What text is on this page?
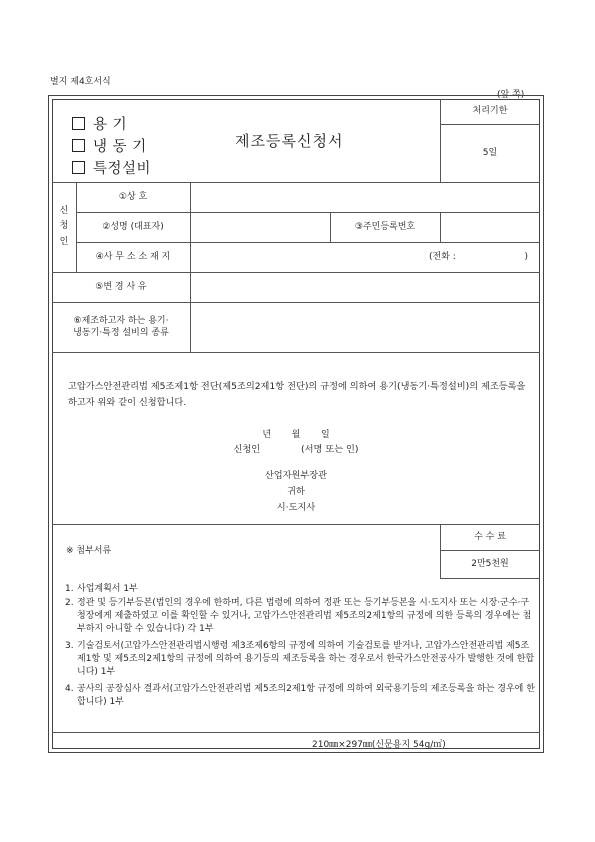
별지 제4호서식
(앞 쪽)
용 기
냉 동 기
특정설비
제조등록신청서
처리기한
5일
신
청
인
①상 호
②성명 (대표자)	③주민등록번호
④사 무 소 소 재 지	(전화 :                        )
⑤변 경 사 유
⑥제조하고자 하는 용기·
냉동기·특정 설비의 종류
고압가스안전관리법 제5조제1항 전단(제5조의2제1항 전단)의 규정에 의하여 용기(냉동기·특정설비)의 제조등록을 하고자 위와 같이 신청합니다.
년       월       일
신청인              (서명 또는 인)
산업자원부장관
귀하
시·도지사
※ 첨부서류
수 수 료
2만5천원
1. 사업계획서 1부
2. 정관 및 등기부등본(법인의 경우에 한하며, 다른 법령에 의하여 정관 또는 등기부등본을 시·도지사 또는 시장·군수·구청장에게 제출하였고 이를 확인할 수 있거나, 고압가스안전관리법 제5조의2제1항의 규정에 의한 등록의 경우에는 첨부하지 아니할 수 있습니다) 각 1부
3. 기술검토서(고압가스안전관리법시행령 제3조제6항의 규정에 의하여 기술검토를 받거나, 고압가스안전관리법 제5조제1항 및 제5조의2제1항의 규정에 의하여 용기등의 제조등록을 하는 경우로서 한국가스안전공사가 발행한 것에 한합니다) 1부
4. 공사의 공장심사 결과서(고압가스안전관리법 제5조의2제1항 규정에 의하여 외국용기등의 제조등록을 하는 경우에 한합니다) 1부
210㎜×297㎜(신문용지 54g/㎡)
